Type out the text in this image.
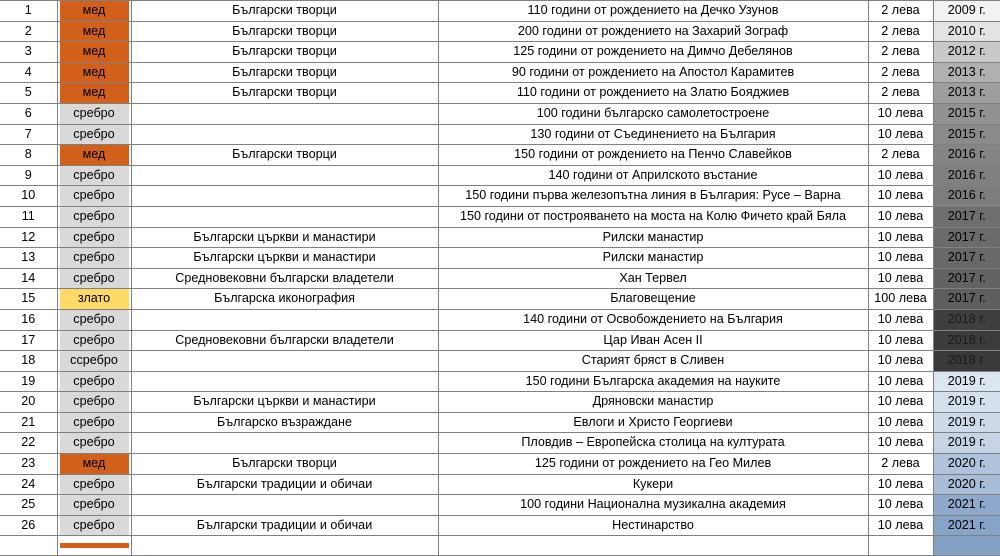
1	мед	Български творци	110 години от рождението на Дечко Узунов	2 лева	2009 г.
2	мед	Български творци	200 години от рождението на Захарий Зограф	2 лева	2010 г.
3	мед	Български творци	125 години от рождението на Димчо Дебелянов	2 лева	2012 г.
4	мед	Български творци	90 години от рождението на Апостол Карамитев	2 лева	2013 г.
5	мед	Български творци	110 години от рождението на Златю Бояджиев	2 лева	2013 г.
6	сребро		100 години българско самолетостроене	10 лева	2015 г.
7	сребро		130 години от Съединението на България	10 лева	2015 г.
8	мед	Български творци	150 години от рождението на Пенчо Славейков	2 лева	2016 г.
9	сребро		140 години от Априлското въстание	10 лева	2016 г.
10	сребро		150 години първа железопътна линия в България: Русе – Варна	10 лева	2016 г.
11	сребро		150 години от построяването на моста на Колю Фичето край Бяла	10 лева	2017 г.
12	сребро	Български църкви и манастири	Рилски манастир	10 лева	2017 г.
13	сребро	Български църкви и манастири	Рилски манастир	10 лева	2017 г.
14	сребро	Средновековни български владетели	Хан Тервел	10 лева	2017 г.
15	злато	Българска иконография	Благовещение	100 лева	2017 г.
16	сребро		140 години от Освобождението на България	10 лева	2018 г.
17	сребро	Средновековни български владетели	Цар Иван Асен II	10 лева	2018 г.
18	ссребро		Старият бряст в Сливен	10 лева	2018 г.
19	сребро		150 години Българска академия на науките	10 лева	2019 г.
20	сребро	Български църкви и манастири	Дряновски манастир	10 лева	2019 г.
21	сребро	Българско възраждане	Евлоги и Христо Георгиеви	10 лева	2019 г.
22	сребро		Пловдив – Европейска столица на културата	10 лева	2019 г.
23	мед	Български творци	125 години от рождението на Гео Милев	2 лева	2020 г.
24	сребро	Български традиции и обичаи	Кукери	10 лева	2020 г.
25	сребро		100 години Национална музикална академия	10 лева	2021 г.
26	сребро	Български традиции и обичаи	Нестинарство	10 лева	2021 г.
